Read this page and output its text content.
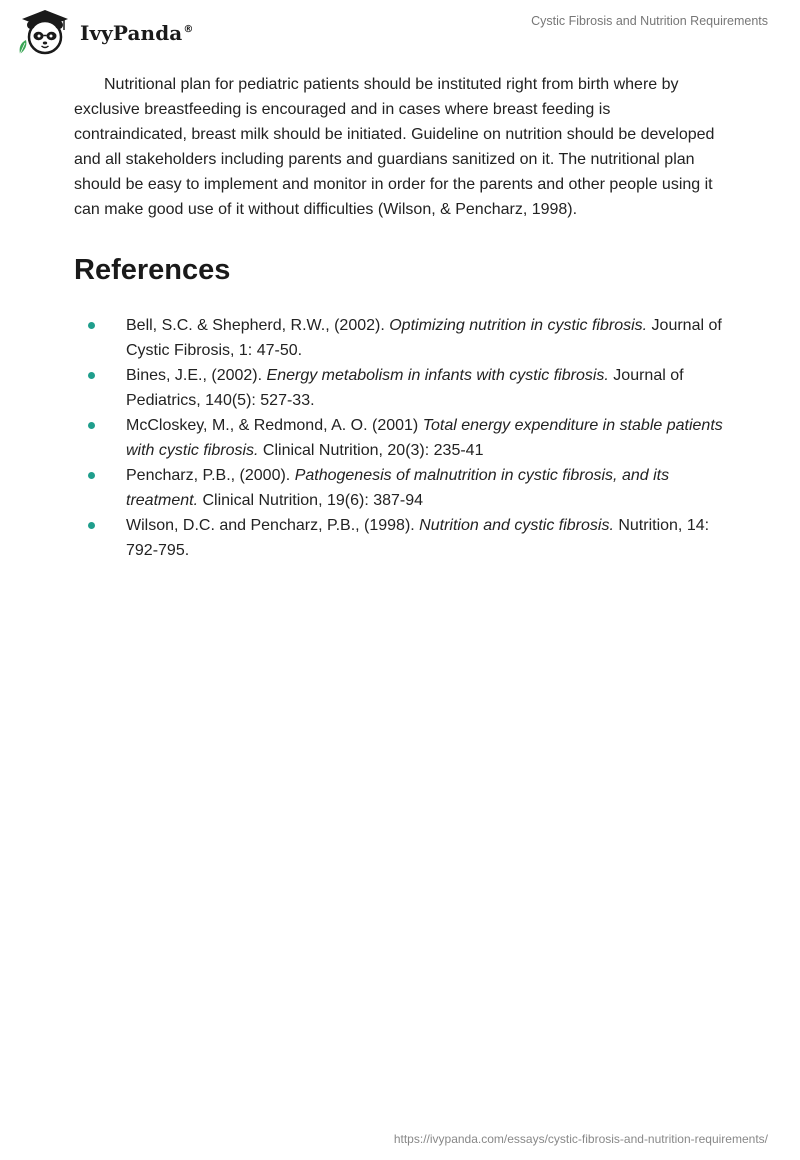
IvyPanda®
Cystic Fibrosis and Nutrition Requirements

Nutritional plan for pediatric patients should be instituted right from birth where by exclusive breastfeeding is encouraged and in cases where breast feeding is contraindicated, breast milk should be initiated. Guideline on nutrition should be developed and all stakeholders including parents and guardians sanitized on it. The nutritional plan should be easy to implement and monitor in order for the parents and other people using it can make good use of it without difficulties (Wilson, & Pencharz, 1998).

References
Bell, S.C. & Shepherd, R.W., (2002). Optimizing nutrition in cystic fibrosis. Journal of Cystic Fibrosis, 1: 47-50.
Bines, J.E., (2002). Energy metabolism in infants with cystic fibrosis. Journal of Pediatrics, 140(5): 527-33.
McCloskey, M., & Redmond, A. O. (2001) Total energy expenditure in stable patients with cystic fibrosis. Clinical Nutrition, 20(3): 235-41
Pencharz, P.B., (2000). Pathogenesis of malnutrition in cystic fibrosis, and its treatment. Clinical Nutrition, 19(6): 387-94
Wilson, D.C. and Pencharz, P.B., (1998). Nutrition and cystic fibrosis. Nutrition, 14: 792-795.
https://ivypanda.com/essays/cystic-fibrosis-and-nutrition-requirements/
